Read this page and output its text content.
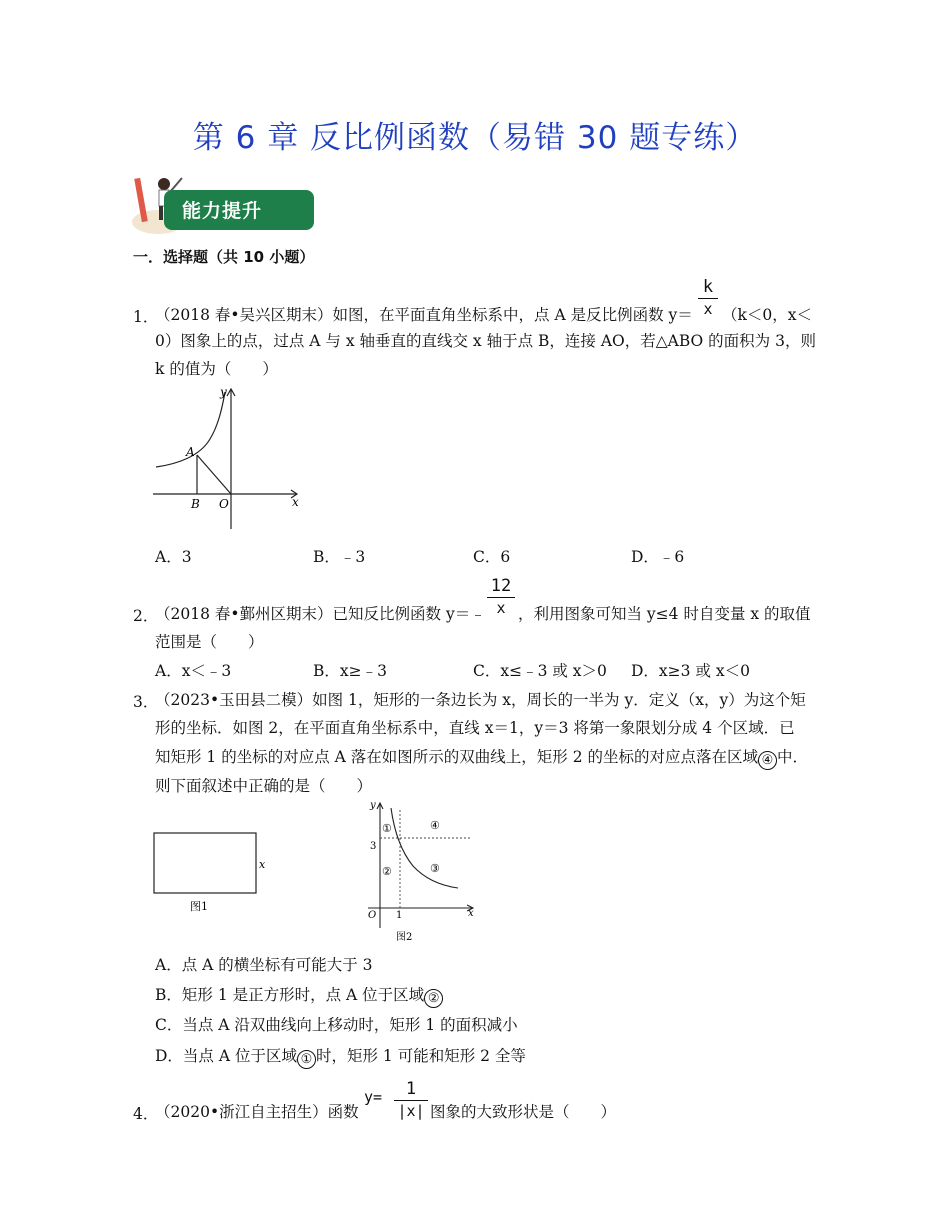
第 6 章 反比例函数（易错 30 题专练）
能力提升
一．选择题（共 10 小题）
1．
（2018 春•吴兴区期末）如图，在平面直角坐标系中，点 A 是反比例函数 y＝
k
x （k＜0，x＜
0）图象上的点，过点 A 与 x 轴垂直的直线交 x 轴于点 B，连接 AO，若△ABO 的面积为 3，则
k 的值为（　　）
y
x
A
B O
A．3	B．﹣3	C．6	D．﹣6
2．
（2018 春•鄞州区期末）已知反比例函数 y＝﹣
12
x ，利用图象可知当 y≤4 时自变量 x 的取值
范围是（　　）
A．x＜﹣3	B．x≥﹣3	C．x≤﹣3 或 x＞0 D．x≥3 或 x＜0
3．
（2023•玉田县二模）如图 1，矩形的一条边长为 x，周长的一半为 y．定义（x，y）为这个矩
形的坐标．如图 2，在平面直角坐标系中，直线 x＝1，y＝3 将第一象限划分成 4 个区域．已
知矩形 1 的坐标的对应点 A 落在如图所示的双曲线上，矩形 2 的坐标的对应点落在区域 ④ 中．
则下面叙述中正确的是（　　）
x
图1
y
x
O 1
3
①
②	③
④
图2
A．点 A 的横坐标有可能大于 3
B．矩形 1 是正方形时，点 A 位于区域 ②
C．当点 A 沿双曲线向上移动时，矩形 1 的面积减小
D．当点 A 位于区域 ① 时，矩形 1 可能和矩形 2 全等
4．
（2020•浙江自主招生）函数
y=	1
|x| 图象的大致形状是（　　）
